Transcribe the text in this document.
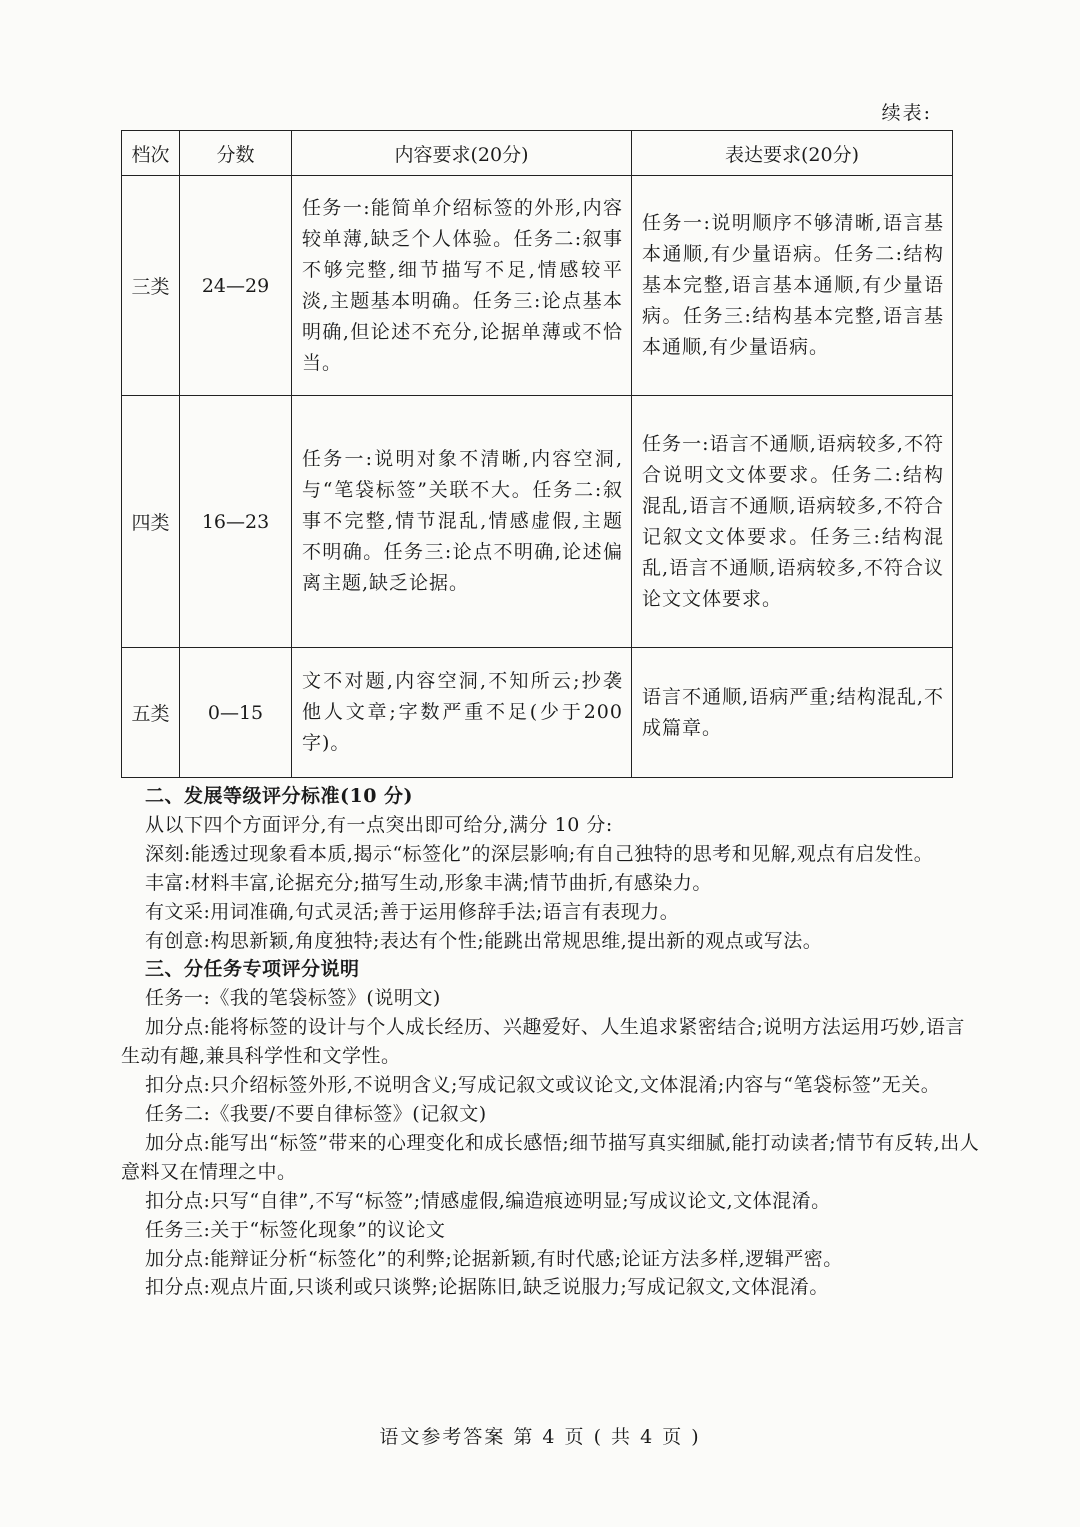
续表:
档次	分数	内容要求(20分)	表达要求(20分)
三类	24—29	任务一:能简单介绍标签的外形,内容较单薄,缺乏个人体验。任务二:叙事不够完整,细节描写不足,情感较平淡,主题基本明确。任务三:论点基本明确,但论述不充分,论据单薄或不恰当。	任务一:说明顺序不够清晰,语言基本通顺,有少量语病。任务二:结构基本完整,语言基本通顺,有少量语病。任务三:结构基本完整,语言基本通顺,有少量语病。
四类	16—23	任务一:说明对象不清晰,内容空洞,与“笔袋标签”关联不大。任务二:叙事不完整,情节混乱,情感虚假,主题不明确。任务三:论点不明确,论述偏离主题,缺乏论据。	任务一:语言不通顺,语病较多,不符合说明文文体要求。任务二:结构混乱,语言不通顺,语病较多,不符合记叙文文体要求。任务三:结构混乱,语言不通顺,语病较多,不符合议论文文体要求。
五类	0—15	文不对题,内容空洞,不知所云;抄袭他人文章;字数严重不足(少于200字)。	语言不通顺,语病严重;结构混乱,不成篇章。

二、发展等级评分标准(10 分)

从以下四个方面评分,有一点突出即可给分,满分 10 分:

深刻:能透过现象看本质,揭示“标签化”的深层影响;有自己独特的思考和见解,观点有启发性。

丰富:材料丰富,论据充分;描写生动,形象丰满;情节曲折,有感染力。

有文采:用词准确,句式灵活;善于运用修辞手法;语言有表现力。

有创意:构思新颖,角度独特;表达有个性;能跳出常规思维,提出新的观点或写法。

三、分任务专项评分说明

任务一:《我的笔袋标签》(说明文)

加分点:能将标签的设计与个人成长经历、兴趣爱好、人生追求紧密结合;说明方法运用巧妙,语言生动有趣,兼具科学性和文学性。

扣分点:只介绍标签外形,不说明含义;写成记叙文或议论文,文体混淆;内容与“笔袋标签”无关。

任务二:《我要/不要自律标签》(记叙文)

加分点:能写出“标签”带来的心理变化和成长感悟;细节描写真实细腻,能打动读者;情节有反转,出人意料又在情理之中。

扣分点:只写“自律”,不写“标签”;情感虚假,编造痕迹明显;写成议论文,文体混淆。

任务三:关于“标签化现象”的议论文

加分点:能辩证分析“标签化”的利弊;论据新颖,有时代感;论证方法多样,逻辑严密。

扣分点:观点片面,只谈利或只谈弊;论据陈旧,缺乏说服力;写成记叙文,文体混淆。

语文参考答案 第 4 页 ( 共 4 页 )
